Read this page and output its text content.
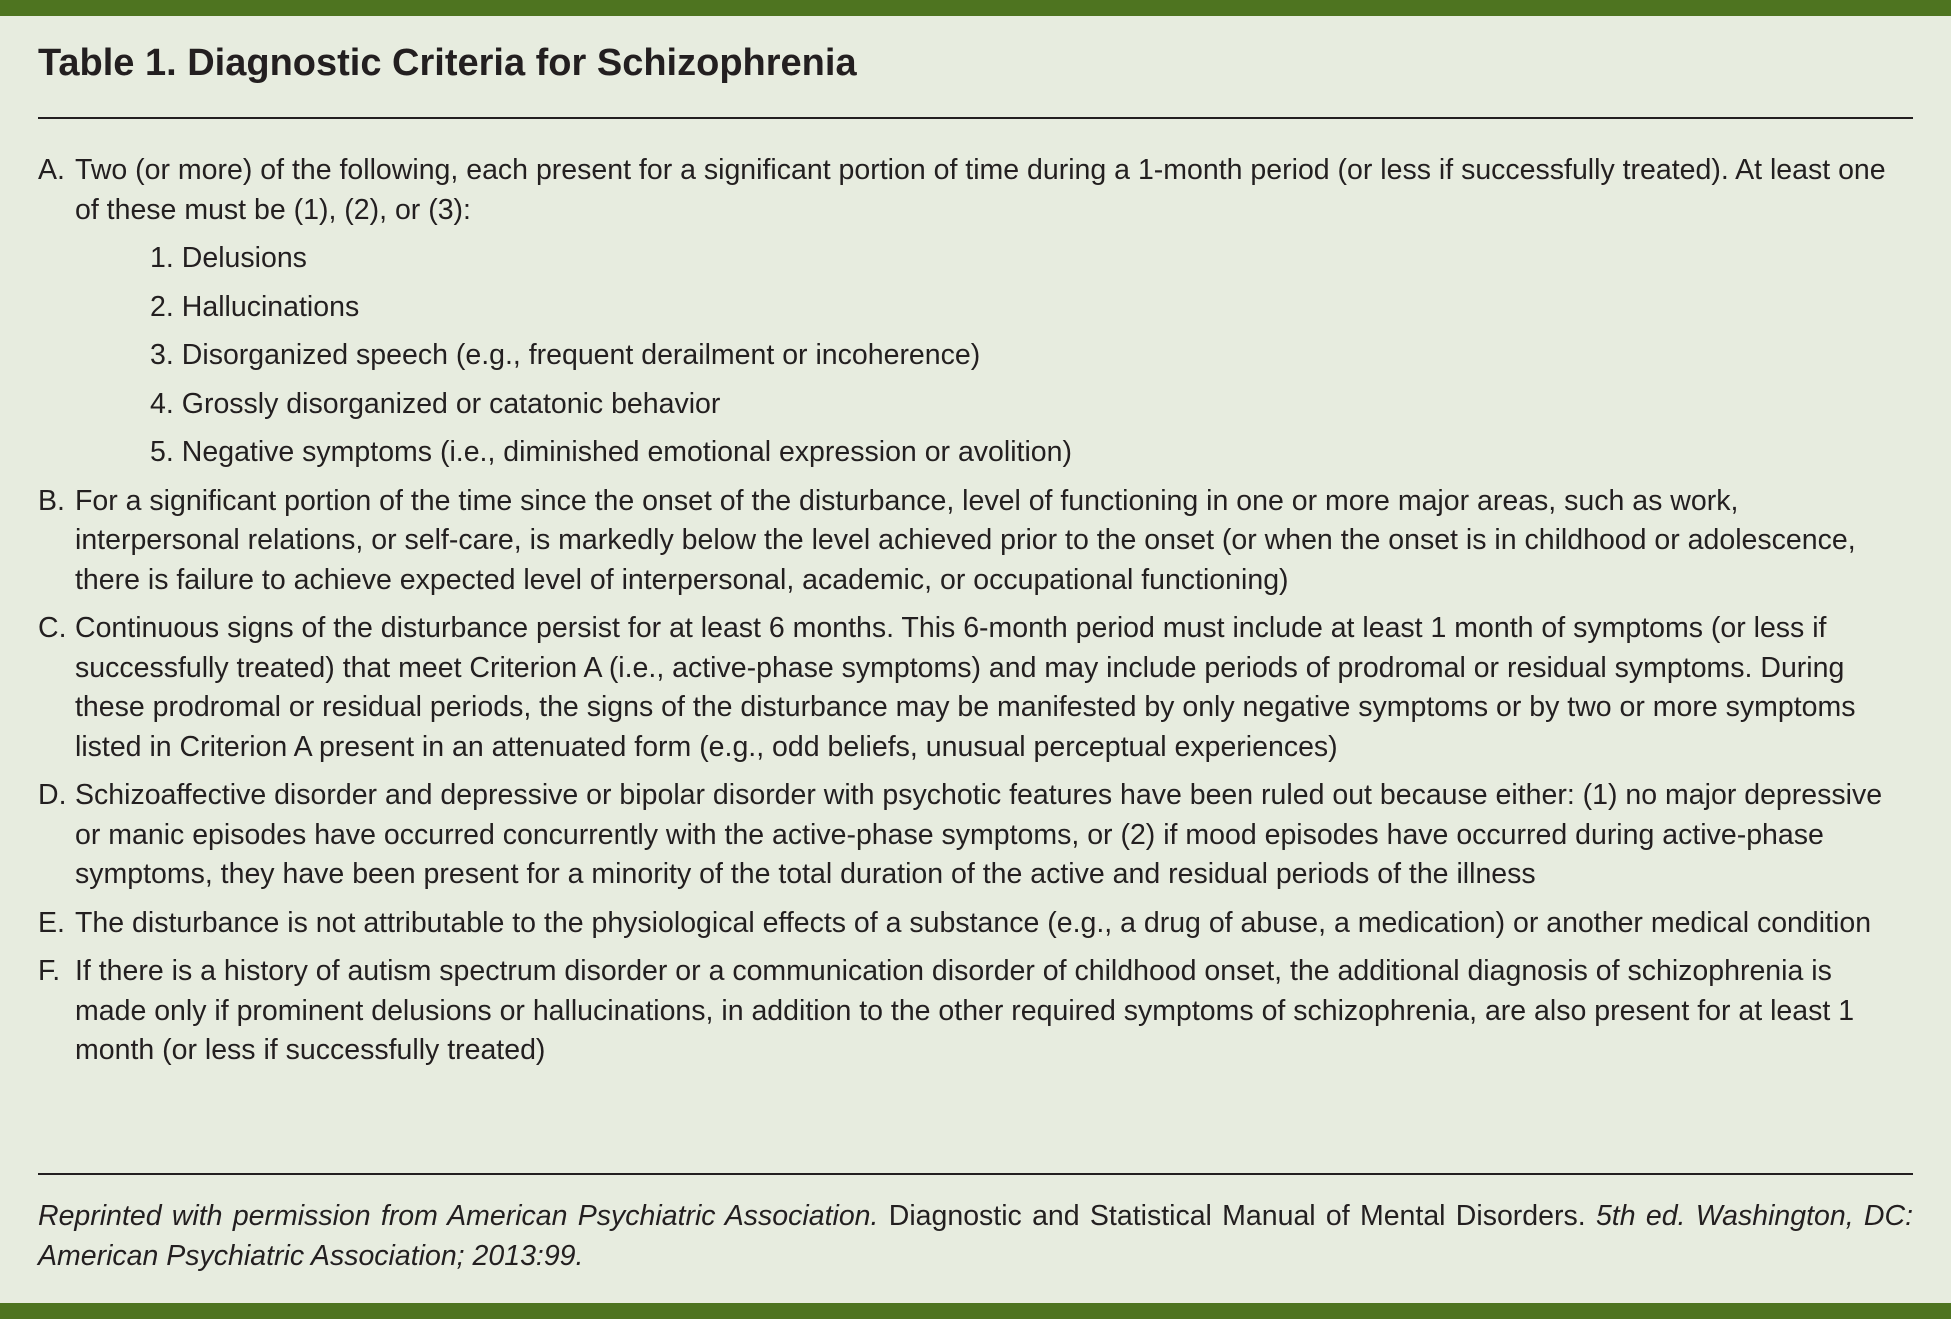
Table 1. Diagnostic Criteria for Schizophrenia
A. Two (or more) of the following, each present for a significant portion of time during a 1-month period (or less if successfully treated). At least one of these must be (1), (2), or (3):
1. Delusions
2. Hallucinations
3. Disorganized speech (e.g., frequent derailment or incoherence)
4. Grossly disorganized or catatonic behavior
5. Negative symptoms (i.e., diminished emotional expression or avolition)
B. For a significant portion of the time since the onset of the disturbance, level of functioning in one or more major areas, such as work, interpersonal relations, or self-care, is markedly below the level achieved prior to the onset (or when the onset is in childhood or adolescence, there is failure to achieve expected level of interpersonal, academic, or occupational functioning)
C. Continuous signs of the disturbance persist for at least 6 months. This 6-month period must include at least 1 month of symptoms (or less if successfully treated) that meet Criterion A (i.e., active-phase symptoms) and may include periods of prodromal or residual symptoms. During these prodromal or residual periods, the signs of the disturbance may be manifested by only negative symptoms or by two or more symptoms listed in Criterion A present in an attenuated form (e.g., odd beliefs, unusual perceptual experiences)
D. Schizoaffective disorder and depressive or bipolar disorder with psychotic features have been ruled out because either: (1) no major depressive or manic episodes have occurred concurrently with the active-phase symptoms, or (2) if mood episodes have occurred during active-phase symptoms, they have been present for a minority of the total duration of the active and residual periods of the illness
E. The disturbance is not attributable to the physiological effects of a substance (e.g., a drug of abuse, a medication) or another medical condition
F. If there is a history of autism spectrum disorder or a communication disorder of childhood onset, the additional diagnosis of schizophrenia is made only if prominent delusions or hallucinations, in addition to the other required symptoms of schizophrenia, are also present for at least 1 month (or less if successfully treated)

Reprinted with permission from American Psychiatric Association. Diagnostic and Statistical Manual of Mental Disorders. 5th ed. Washington, DC: American Psychiatric Association; 2013:99.
